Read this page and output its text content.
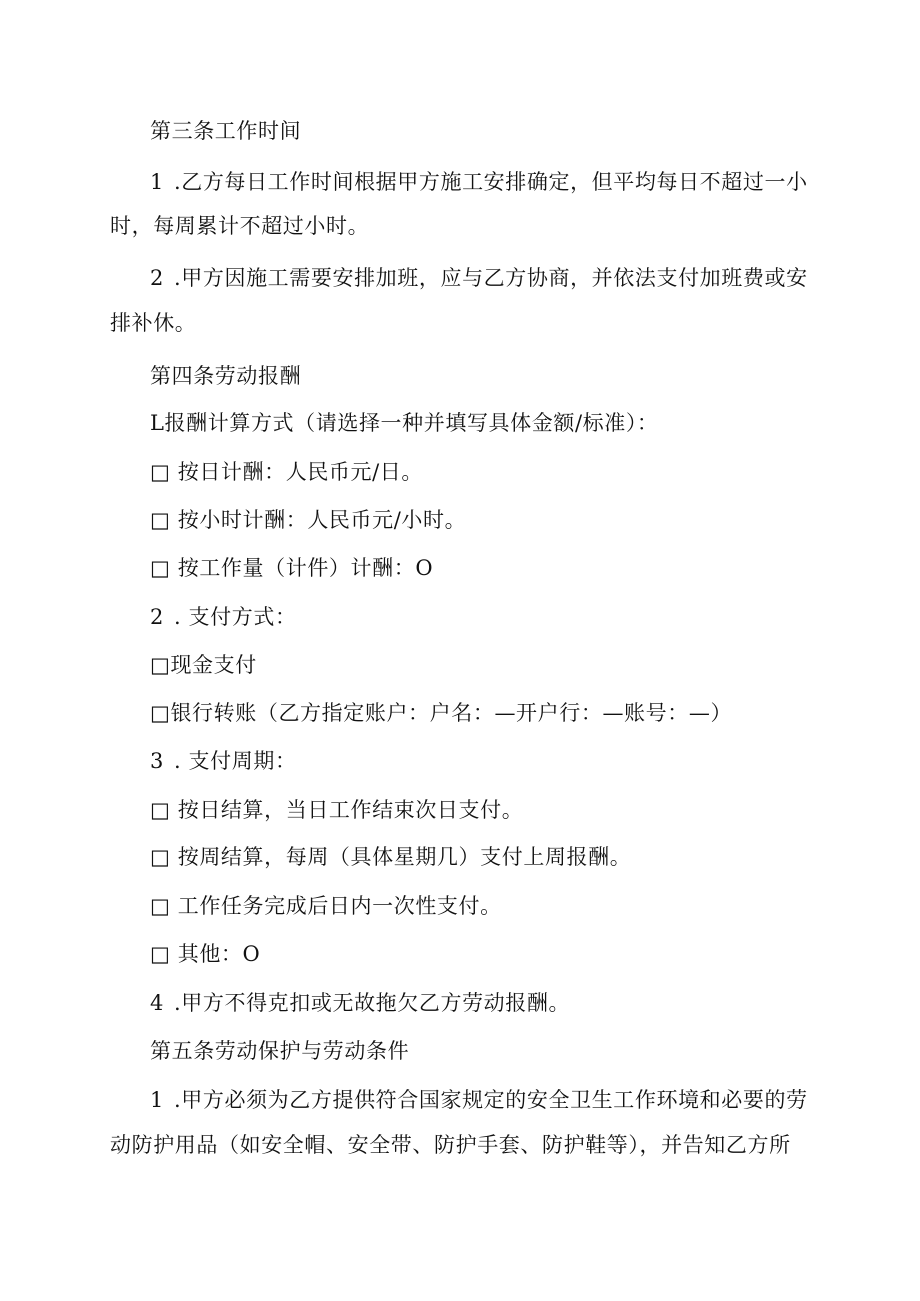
第三条工作时间
1 .乙方每日工作时间根据甲方施工安排确定，但平均每日不超过一小
时，每周累计不超过小时。
2 .甲方因施工需要安排加班，应与乙方协商，并依法支付加班费或安
排补休。
第四条劳动报酬
L报酬计算方式（请选择一种并填写具体金额/标准）：
□ 按日计酬：人民币元/日。
□ 按小时计酬：人民币元/小时。
□ 按工作量（计件）计酬：O
2 . 支付方式：
□现金支付
□银行转账（乙方指定账户：户名：—开户行：—账号：—）
3 . 支付周期：
□ 按日结算，当日工作结束次日支付。
□ 按周结算，每周（具体星期几）支付上周报酬。
□ 工作任务完成后日内一次性支付。
□ 其他：O
4 .甲方不得克扣或无故拖欠乙方劳动报酬。
第五条劳动保护与劳动条件
1 .甲方必须为乙方提供符合国家规定的安全卫生工作环境和必要的劳
动防护用品（如安全帽、安全带、防护手套、防护鞋等），并告知乙方所
